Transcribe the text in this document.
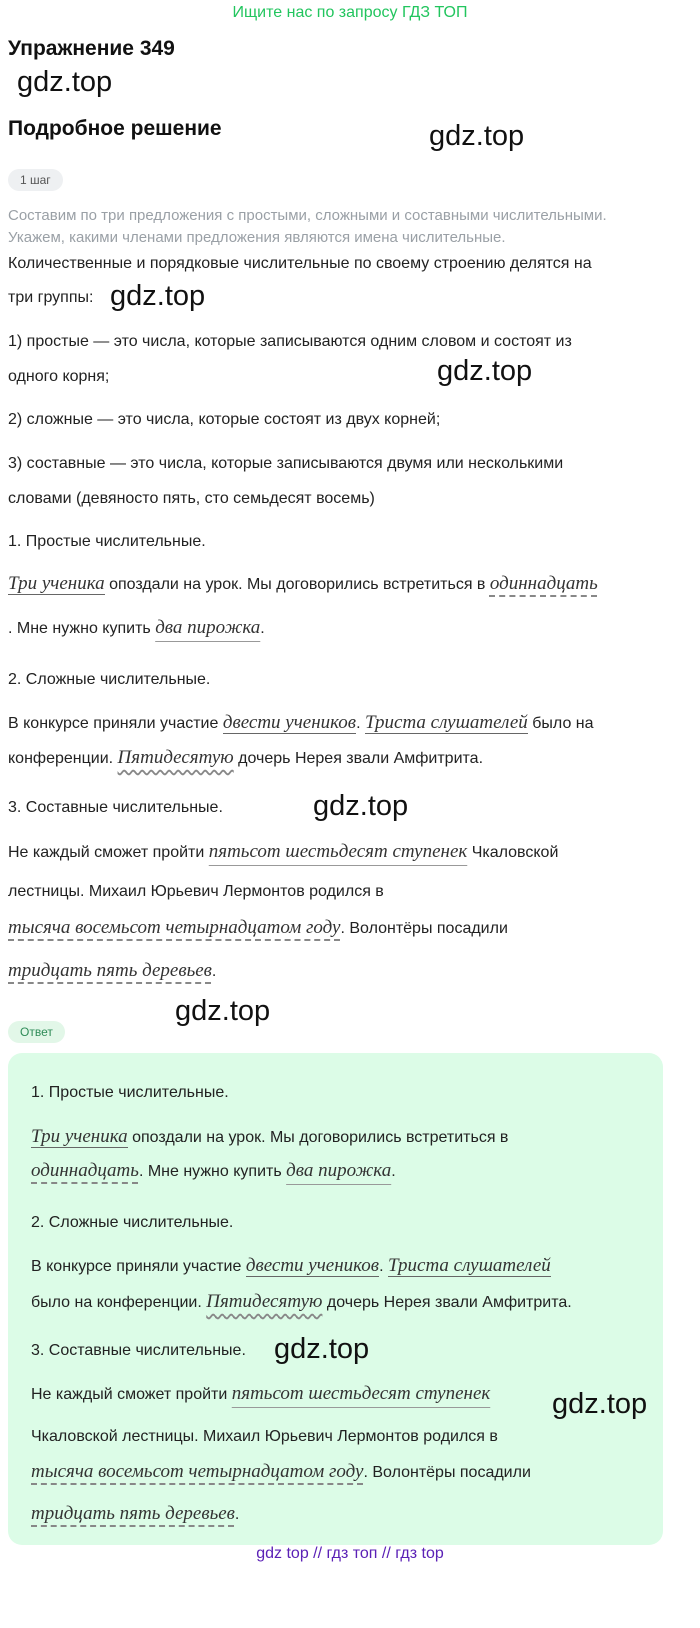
Ищите нас по запросу ГДЗ ТОП
Упражнение 349
gdz.top
Подробное решение	gdz.top
1 шаг
Составим по три предложения с простыми, сложными и составными числительными.
Укажем, какими членами предложения являются имена числительные.
Количественные и порядковые числительные по своему строению делятся на
три группы: gdz.top
1) простые — это числа, которые записываются одним словом и состоят из
одного корня;	gdz.top
2) сложные — это числа, которые состоят из двух корней;
3) составные — это числа, которые записываются двумя или несколькими
словами (девяносто пять, сто семьдесят восемь)
1. Простые числительные.
Три ученика опоздали на урок. Мы договорились встретиться в одиннадцать
. Мне нужно купить два пирожка.
2. Сложные числительные.
В конкурсе приняли участие двести учеников. Триста слушателей было на
конференции. Пятидесятую дочерь Нерея звали Амфитрита.
3. Составные числительные.	gdz.top
Не каждый сможет пройти пятьсот шестьдесят ступенек Чкаловской
лестницы. Михаил Юрьевич Лермонтов родился в
тысяча восемьсот четырнадцатом году. Волонтёры посадили
тридцать пять деревьев.
gdz.top
Ответ
1. Простые числительные.
Три ученика опоздали на урок. Мы договорились встретиться в
одиннадцать. Мне нужно купить два пирожка.
2. Сложные числительные.
В конкурсе приняли участие двести учеников. Триста слушателей
было на конференции. Пятидесятую дочерь Нерея звали Амфитрита.
3. Составные числительные. gdz.top
Не каждый сможет пройти пятьсот шестьдесят ступенек	gdz.top
Чкаловской лестницы. Михаил Юрьевич Лермонтов родился в
тысяча восемьсот четырнадцатом году. Волонтёры посадили
тридцать пять деревьев.
gdz top // гдз топ // гдз top
